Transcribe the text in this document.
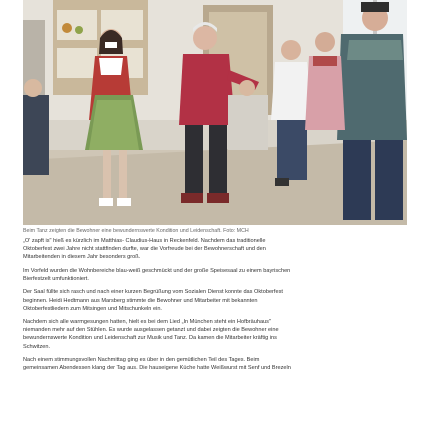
Beim Tanz zeigten die Bewohner eine bewundernswerte Kondition und Leidenschaft. Foto: MCH

„O' zapft is" hieß es kürzlich im Matthias- Claudius-Haus in Reckenfeld. Nachdem das traditionelle
Oktoberfest zwei Jahre nicht stattfinden durfte, war die Vorfreude bei der Bewohnerschaft und den
Mitarbeitenden in diesem Jahr besonders groß.

Im Vorfeld wurden die Wohnbereiche blau-weiß geschmückt und der große Speisesaal zu einem bayrischen
Bierfestzelt umfunktioniert.

Der Saal füllte sich rasch und nach einer kurzen Begrüßung vom Sozialen Dienst konnte das Oktoberfest
beginnen. Heidi Hedtmann aus Marsberg stimmte die Bewohner und Mitarbeiter mit bekannten
Oktoberfestliedern zum Mitsingen und Mitschunkeln ein.

Nachdem sich alle warmgesungen hatten, hielt es bei dem Lied „In München steht ein Hofbräuhaus"
niemanden mehr auf den Stühlen. Es wurde ausgelassen getanzt und dabei zeigten die Bewohner eine
bewundernswerte Kondition und Leidenschaft zur Musik und Tanz. Da kamen die Mitarbeiter kräftig ins
Schwitzen.

Nach einem stimmungsvollen Nachmittag ging es über in den gemütlichen Teil des Tages. Beim
gemeinsamen Abendessen klang der Tag aus. Die hauseigene Küche hatte Weißwurst mit Senf und Brezeln
